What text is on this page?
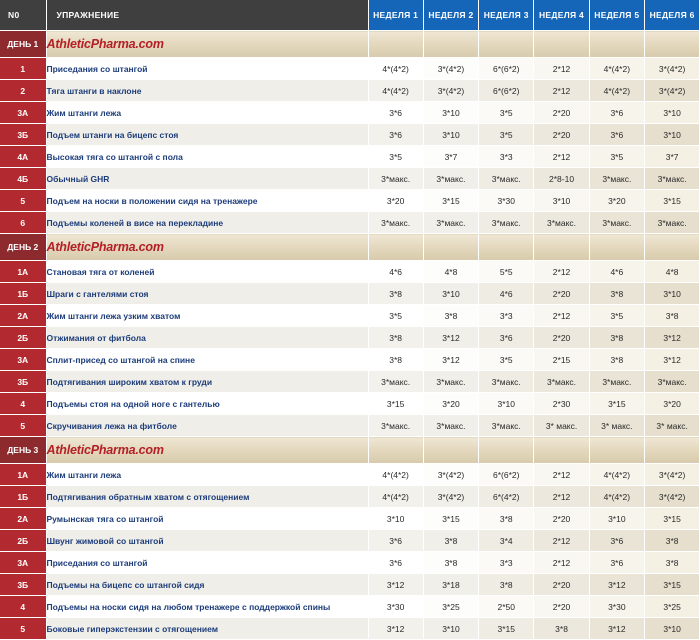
N0	УПРАЖНЕНИЕ	НЕДЕЛЯ 1	НЕДЕЛЯ 2	НЕДЕЛЯ 3	НЕДЕЛЯ 4	НЕДЕЛЯ 5	НЕДЕЛЯ 6
ДЕНЬ 1	AthleticPharma.com						
1	Приседания со штангой	4*(4*2)	3*(4*2)	6*(6*2)	2*12	4*(4*2)	3*(4*2)
2	Тяга штанги в наклоне	4*(4*2)	3*(4*2)	6*(6*2)	2*12	4*(4*2)	3*(4*2)
3А	Жим штанги лежа	3*6	3*10	3*5	2*20	3*6	3*10
3Б	Подъем штанги на бицепс стоя	3*6	3*10	3*5	2*20	3*6	3*10
4А	Высокая тяга со штангой с пола	3*5	3*7	3*3	2*12	3*5	3*7
4Б	Обычный GHR	3*макс.	3*макс.	3*макс.	2*8-10	3*макс.	3*макс.
5	Подъем на носки в положении сидя на тренажере	3*20	3*15	3*30	3*10	3*20	3*15
6	Подъемы коленей в висе на перекладине	3*макс.	3*макс.	3*макс.	3*макс.	3*макс.	3*макс.
ДЕНЬ 2	AthleticPharma.com						
1А	Становая тяга от коленей	4*6	4*8	5*5	2*12	4*6	4*8
1Б	Шраги с гантелями стоя	3*8	3*10	4*6	2*20	3*8	3*10
2А	Жим штанги лежа узким хватом	3*5	3*8	3*3	2*12	3*5	3*8
2Б	Отжимания от фитбола	3*8	3*12	3*6	2*20	3*8	3*12
3А	Сплит-присед со штангой на спине	3*8	3*12	3*5	2*15	3*8	3*12
3Б	Подтягивания широким хватом к груди	3*макс.	3*макс.	3*макс.	3*макс.	3*макс.	3*макс.
4	Подъемы стоя на одной ноге с гантелью	3*15	3*20	3*10	2*30	3*15	3*20
5	Скручивания лежа на фитболе	3*макс.	3*макс.	3*макс.	3* макс.	3* макс.	3* макс.
ДЕНЬ 3	AthleticPharma.com						
1А	Жим штанги лежа	4*(4*2)	3*(4*2)	6*(6*2)	2*12	4*(4*2)	3*(4*2)
1Б	Подтягивания обратным хватом с отягощением	4*(4*2)	3*(4*2)	6*(4*2)	2*12	4*(4*2)	3*(4*2)
2А	Румынская тяга со штангой	3*10	3*15	3*8	2*20	3*10	3*15
2Б	Швунг жимовой со штангой	3*6	3*8	3*4	2*12	3*6	3*8
3А	Приседания со штангой	3*6	3*8	3*3	2*12	3*6	3*8
3Б	Подъемы на бицепс со штангой сидя	3*12	3*18	3*8	2*20	3*12	3*15
4	Подъемы на носки сидя на любом тренажере с поддержкой спины	3*30	3*25	2*50	2*20	3*30	3*25
5	Боковые гиперэкстензии с отягощением	3*12	3*10	3*15	3*8	3*12	3*10
